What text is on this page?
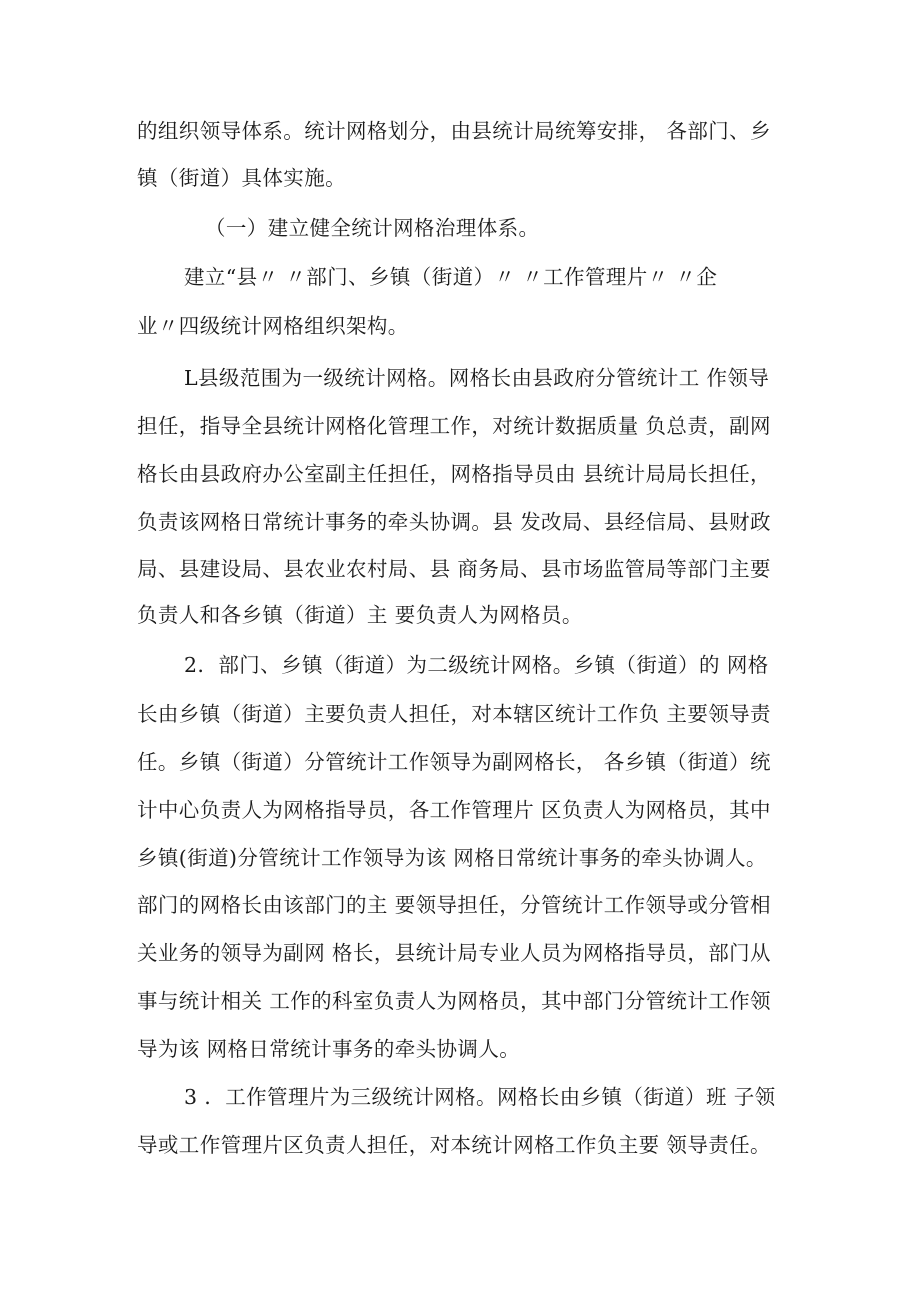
的组织领导体系。统计网格划分，由县统计局统筹安排， 各部门、乡
镇（街道）具体实施。
（一）建立健全统计网格治理体系。
建立“县〃 〃部门、乡镇（街道）〃 〃工作管理片〃 〃企
业〃四级统计网格组织架构。
L县级范围为一级统计网格。网格长由县政府分管统计工 作领导
担任，指导全县统计网格化管理工作，对统计数据质量 负总责，副网
格长由县政府办公室副主任担任，网格指导员由 县统计局局长担任，
负责该网格日常统计事务的牵头协调。县 发改局、县经信局、县财政
局、县建设局、县农业农村局、县 商务局、县市场监管局等部门主要
负责人和各乡镇（街道）主 要负责人为网格员。
2．部门、乡镇（街道）为二级统计网格。乡镇（街道）的 网格
长由乡镇（街道）主要负责人担任，对本辖区统计工作负 主要领导责
任。乡镇（街道）分管统计工作领导为副网格长， 各乡镇（街道）统
计中心负责人为网格指导员，各工作管理片 区负责人为网格员，其中
乡镇(街道)分管统计工作领导为该 网格日常统计事务的牵头协调人。
部门的网格长由该部门的主 要领导担任，分管统计工作领导或分管相
关业务的领导为副网 格长，县统计局专业人员为网格指导员，部门从
事与统计相关 工作的科室负责人为网格员，其中部门分管统计工作领
导为该 网格日常统计事务的牵头协调人。
3 ．工作管理片为三级统计网格。网格长由乡镇（街道）班 子领
导或工作管理片区负责人担任，对本统计网格工作负主要 领导责任。
